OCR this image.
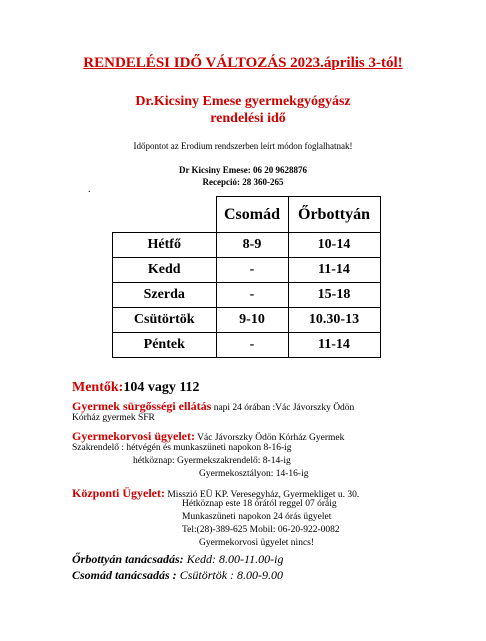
RENDELÉSI IDŐ VÁLTOZÁS 2023.április 3-tól!
Dr.Kicsiny Emese gyermekgyógyász
rendelési idő
Időpontot az Erodium rendszerben leírt módon foglalhatnak!
Dr Kicsiny Emese: 06 20 9628876
Recepció: 28 360-265
.
	Csomád	Őrbottyán
Hétfő	8-9	10-14
Kedd	-	11-14
Szerda	-	15-18
Csütörtök	9-10	10.30-13
Péntek	-	11-14
Mentők:104 vagy 112
Gyermek sürgősségi ellátás napi 24 órában :Vác Jávorszky Ödön
Kórház gyermek SFR
Gyermekorvosi ügyelet: Vác Jávorszky Ödön Kórház Gyermek
Szakrendelő : hétvégén és munkaszüneti napokon 8-16-ig
hétköznap: Gyermekszakrendelő: 8-14-ig
Gyermekosztályon: 14-16-ig
Központi Ügyelet: Misszió EÜ KP. Veresegyház, Gyermekliget u. 30.
Hétköznap este 18 órától reggel 07 óráig
Munkaszüneti napokon 24 órás ügyelet
Tel:(28)-389-625 Mobil: 06-20-922-0082
Gyermekorvosi ügyelet nincs!
Őrbottyán tanácsadás: Kedd: 8.00-11.00-ig
Csomád tanácsadás : Csütörtök : 8.00-9.00
